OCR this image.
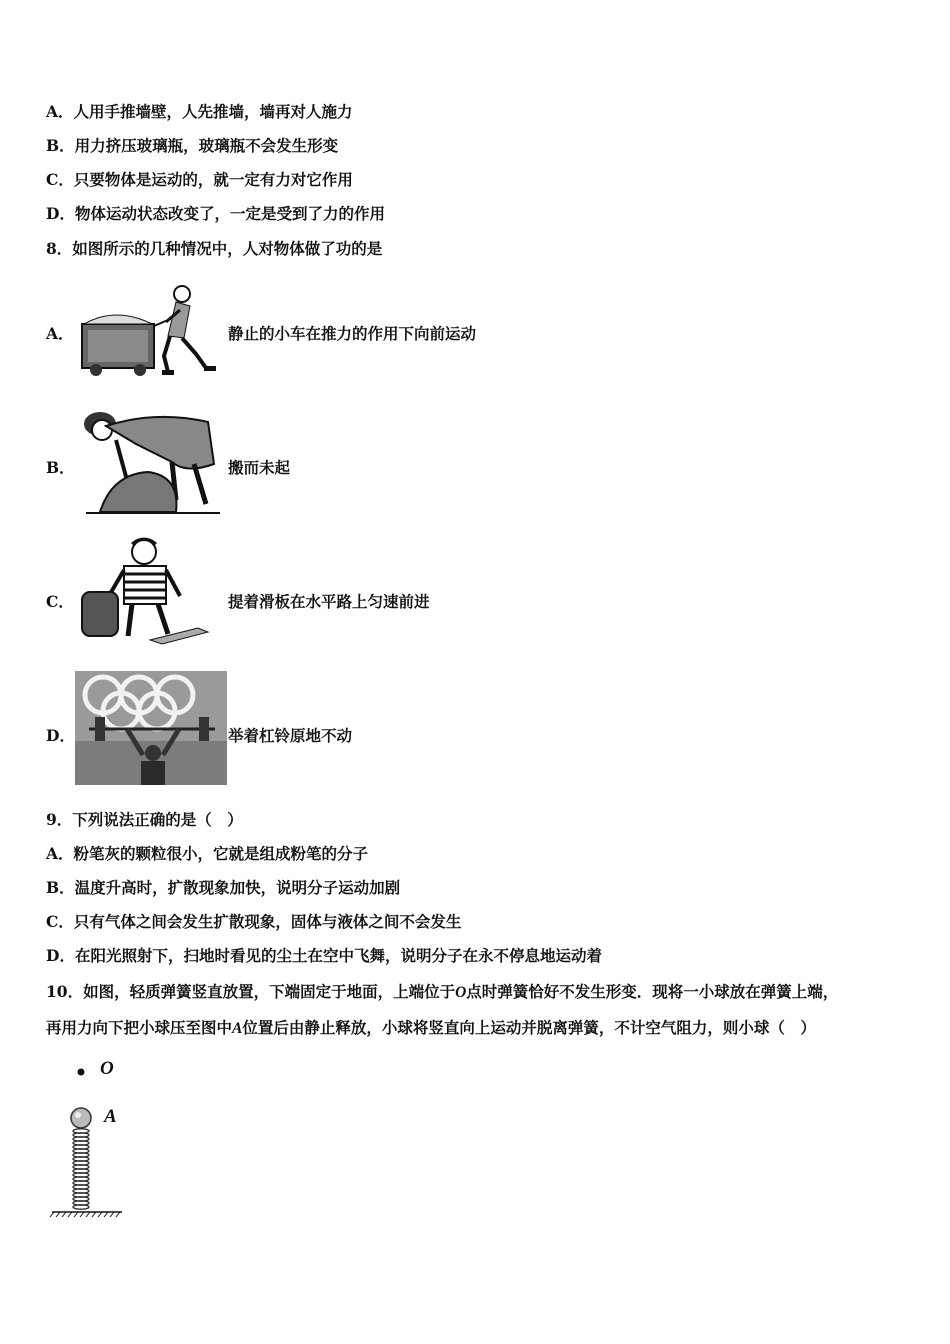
A．人用手推墙壁，人先推墙，墙再对人施力
B．用力挤压玻璃瓶，玻璃瓶不会发生形变
C．只要物体是运动的，就一定有力对它作用
D．物体运动状态改变了，一定是受到了力的作用
8．如图所示的几种情况中，人对物体做了功的是
A．	静止的小车在推力的作用下向前运动
B．	搬而未起
C．	提着滑板在水平路上匀速前进
D．	举着杠铃原地不动
9．下列说法正确的是（　）
A．粉笔灰的颗粒很小，它就是组成粉笔的分子
B．温度升高时，扩散现象加快，说明分子运动加剧
C．只有气体之间会发生扩散现象，固体与液体之间不会发生
D．在阳光照射下，扫地时看见的尘土在空中飞舞，说明分子在永不停息地运动着
10．如图，轻质弹簧竖直放置，下端固定于地面，上端位于O点时弹簧恰好不发生形变．现将一小球放在弹簧上端，
再用力向下把小球压至图中A位置后由静止释放，小球将竖直向上运动并脱离弹簧，不计空气阻力，则小球（　）
O
A
